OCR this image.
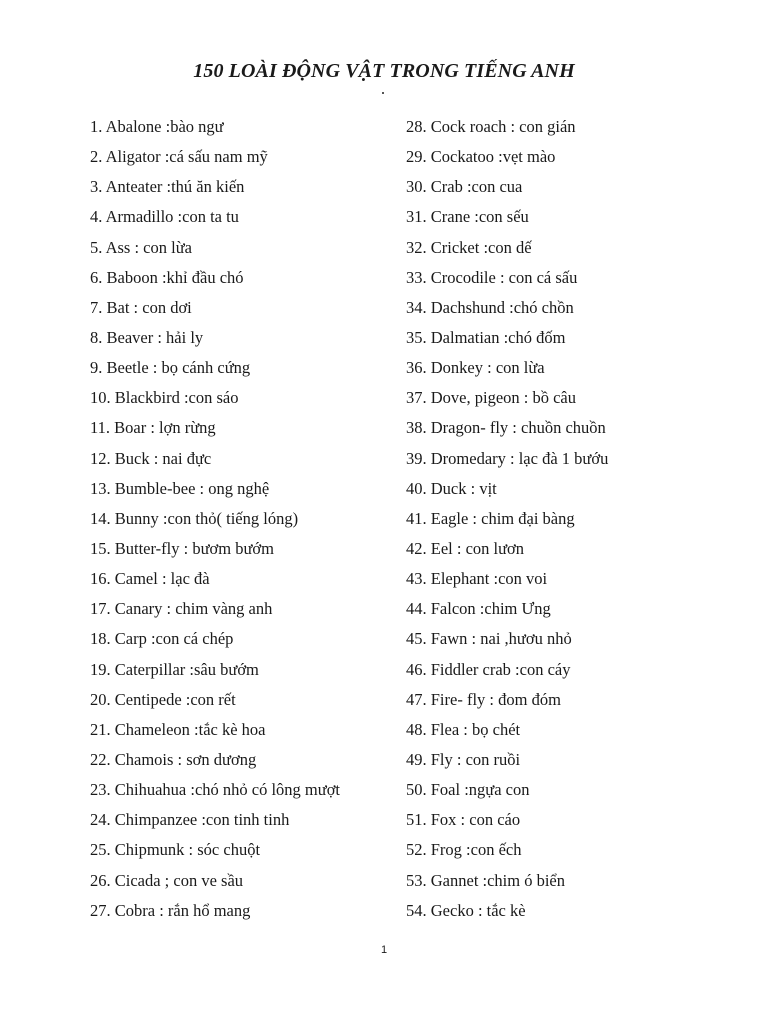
150 LOÀI ĐỘNG VẬT TRONG TIẾNG ANH
1. Abalone :bào ngư
2. Aligator :cá sấu nam mỹ
3. Anteater :thú ăn kiến
4. Armadillo :con ta tu
5. Ass : con lừa
6. Baboon :khỉ đầu chó
7. Bat : con dơi
8. Beaver : hải ly
9. Beetle : bọ cánh cứng
10. Blackbird :con sáo
11. Boar : lợn rừng
12. Buck : nai đực
13. Bumble-bee : ong nghệ
14. Bunny :con thỏ( tiếng lóng)
15. Butter-fly : bươm bướm
16. Camel : lạc đà
17. Canary : chim vàng anh
18. Carp :con cá chép
19. Caterpillar :sâu bướm
20. Centipede :con rết
21. Chameleon :tắc kè hoa
22. Chamois : sơn dương
23. Chihuahua :chó nhỏ có lông mượt
24. Chimpanzee :con tinh tinh
25. Chipmunk : sóc chuột
26. Cicada ; con ve sầu
27. Cobra : rắn hổ mang
28. Cock roach : con gián
29. Cockatoo :vẹt mào
30. Crab :con cua
31. Crane :con sếu
32. Cricket :con dế
33. Crocodile : con cá sấu
34. Dachshund :chó chồn
35. Dalmatian :chó đốm
36. Donkey : con lừa
37. Dove, pigeon : bồ câu
38. Dragon- fly : chuồn chuồn
39. Dromedary : lạc đà 1 bướu
40. Duck : vịt
41. Eagle : chim đại bàng
42. Eel : con lươn
43. Elephant :con voi
44. Falcon :chim Ưng
45. Fawn : nai ,hươu nhỏ
46. Fiddler crab :con cáy
47. Fire- fly : đom đóm
48. Flea : bọ chét
49. Fly : con ruồi
50. Foal :ngựa con
51. Fox : con cáo
52. Frog :con ếch
53. Gannet :chim ó biển
54. Gecko : tắc kè
1
